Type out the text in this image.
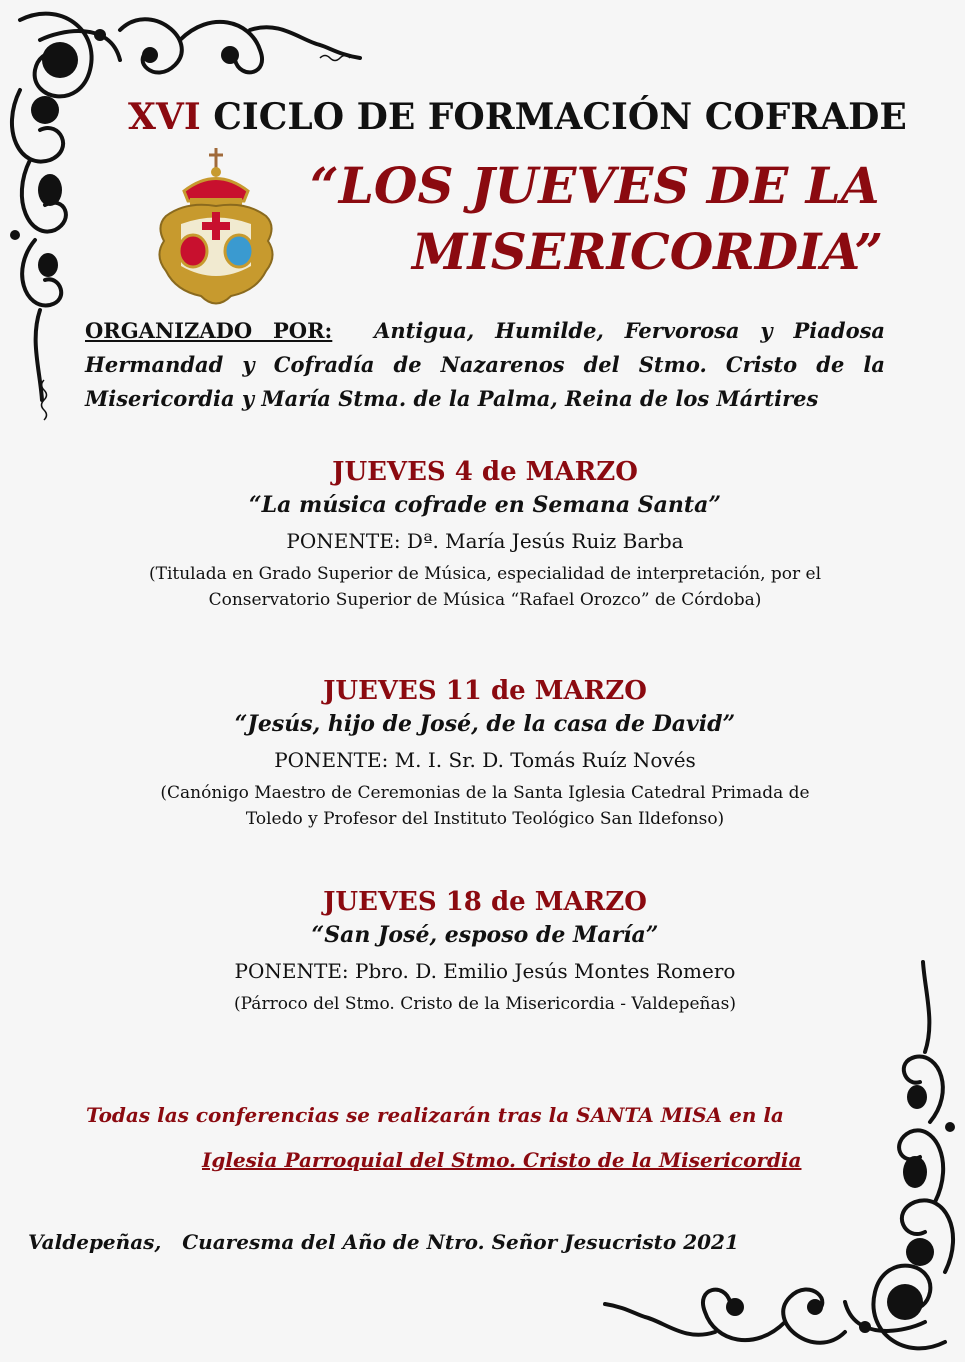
XVI CICLO DE FORMACIÓN COFRADE
“LOS JUEVES DE LA
MISERICORDIA”
ORGANIZADO POR: Antigua, Humilde, Fervorosa y Piadosa Hermandad y Cofradía de Nazarenos del Stmo. Cristo de la Misericordia y María Stma. de la Palma, Reina de los Mártires
JUEVES 4 de MARZO
“La música cofrade en Semana Santa”
PONENTE: Dª. María Jesús Ruiz Barba
(Titulada en Grado Superior de Música, especialidad de interpretación, por el
Conservatorio Superior de Música “Rafael Orozco” de Córdoba)
JUEVES 11 de MARZO
“Jesús, hijo de José, de la casa de David”
PONENTE: M. I. Sr. D. Tomás Ruíz Novés
(Canónigo Maestro de Ceremonias de la Santa Iglesia Catedral Primada de
Toledo y Profesor del Instituto Teológico San Ildefonso)
JUEVES 18 de MARZO
“San José, esposo de María”
PONENTE: Pbro. D. Emilio Jesús Montes Romero
(Párroco del Stmo. Cristo de la Misericordia - Valdepeñas)
Todas las conferencias se realizarán tras la SANTA MISA en la
Iglesia Parroquial del Stmo. Cristo de la Misericordia
Valdepeñas,   Cuaresma del Año de Ntro. Señor Jesucristo 2021
